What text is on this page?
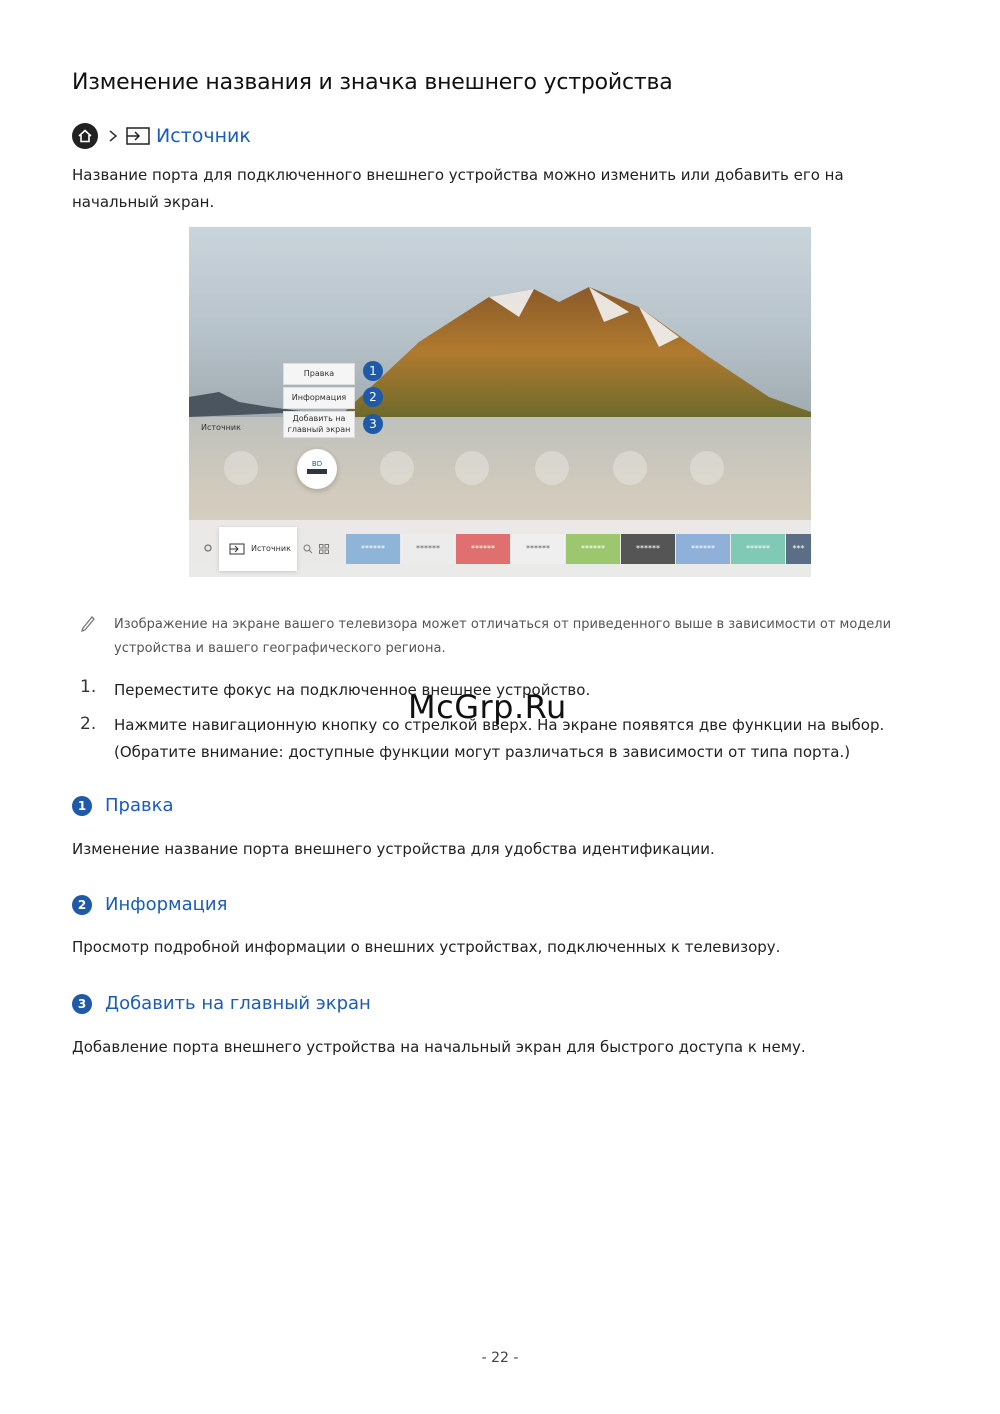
Изменение названия и значка внешнего устройства
Источник
Название порта для подключенного внешнего устройства можно изменить или добавить его на начальный экран.
Правка
Информация
Добавить на главный экран
1
2
3
Источник
BD
Источник	******	******	******	******	******	******	******	******	***
Изображение на экране вашего телевизора может отличаться от приведенного выше в зависимости от модели устройства и вашего географического региона.
1. Переместите фокус на подключенное внешнее устройство.
2. Нажмите навигационную кнопку со стрелкой вверх. На экране появятся две функции на выбор. (Обратите внимание: доступные функции могут различаться в зависимости от типа порта.)
McGrp.Ru
1	Правка
Изменение название порта внешнего устройства для удобства идентификации.
2	Информация
Просмотр подробной информации о внешних устройствах, подключенных к телевизору.
3	Добавить на главный экран
Добавление порта внешнего устройства на начальный экран для быстрого доступа к нему.
- 22 -
